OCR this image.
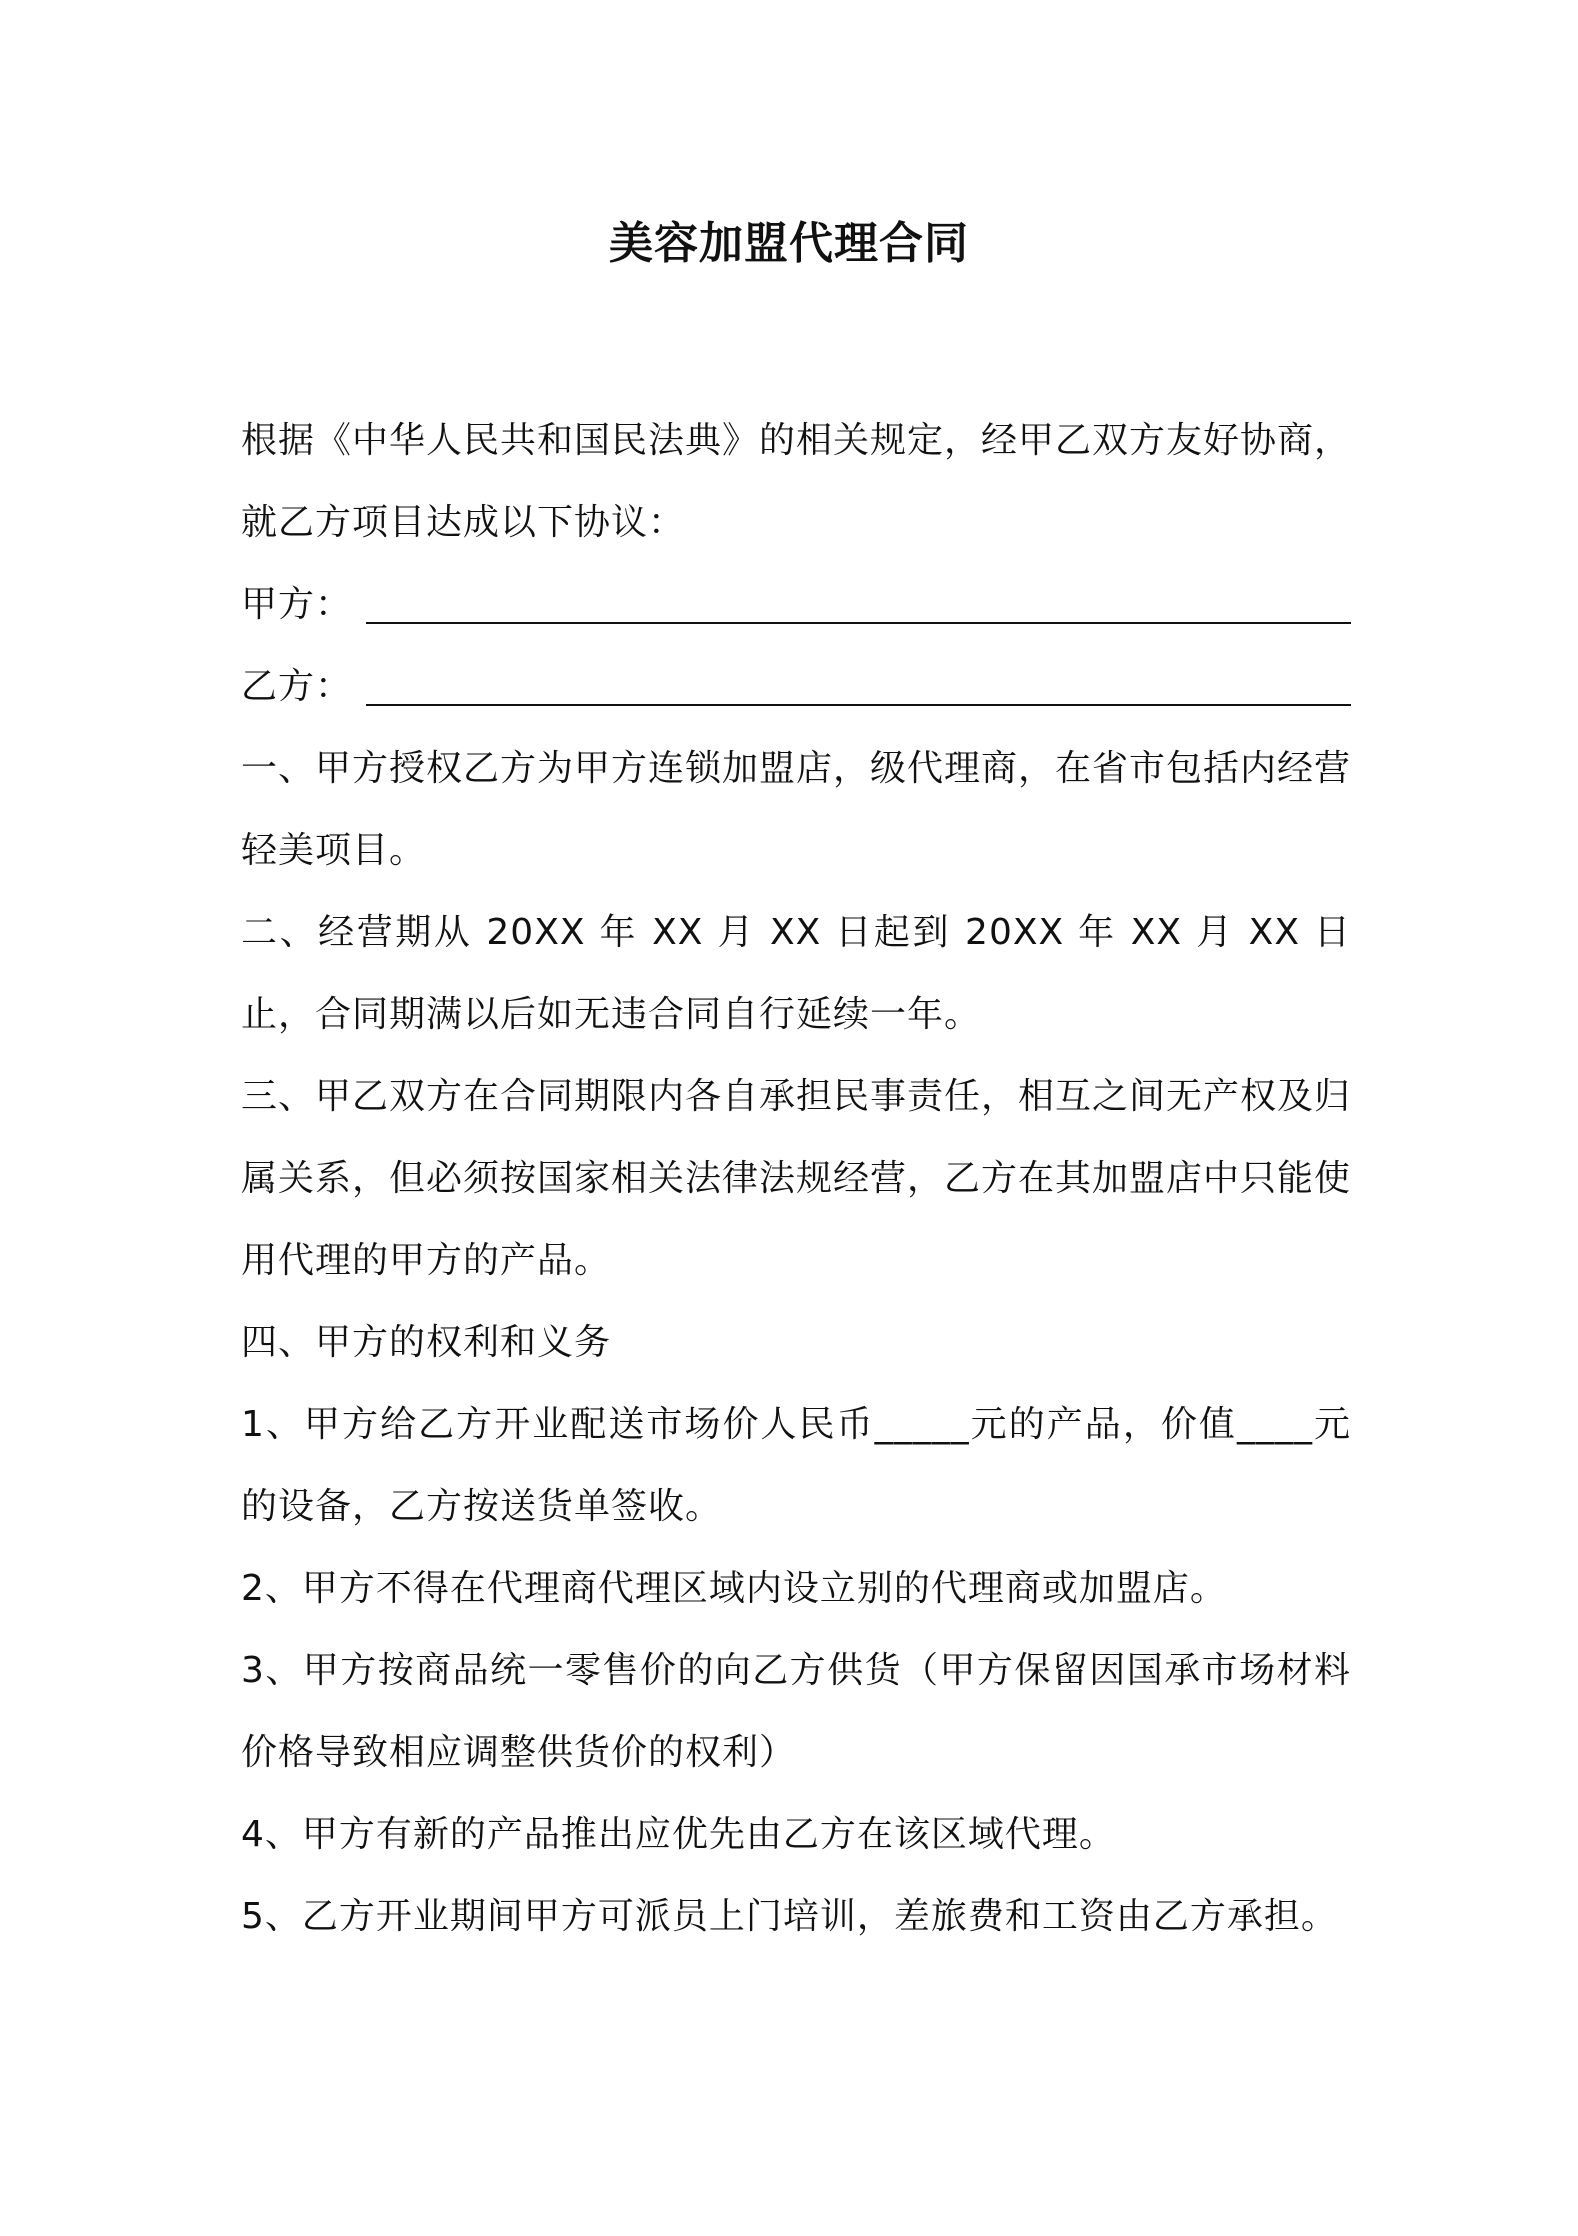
美容加盟代理合同

根据《中华人民共和国民法典》的相关规定，经甲乙双方友好协商，就乙方项目达成以下协议：

甲方：
乙方：

一、甲方授权乙方为甲方连锁加盟店，级代理商，在省市包括内经营轻美项目。

二、经营期从 20XX 年 XX 月 XX 日起到 20XX 年 XX 月 XX 日止，合同期满以后如无违合同自行延续一年。

三、甲乙双方在合同期限内各自承担民事责任，相互之间无产权及归属关系，但必须按国家相关法律法规经营，乙方在其加盟店中只能使用代理的甲方的产品。

四、甲方的权利和义务

1、甲方给乙方开业配送市场价人民币_____元的产品，价值____元的设备，乙方按送货单签收。

2、甲方不得在代理商代理区域内设立别的代理商或加盟店。

3、甲方按商品统一零售价的向乙方供货（甲方保留因国承市场材料价格导致相应调整供货价的权利）

4、甲方有新的产品推出应优先由乙方在该区域代理。

5、乙方开业期间甲方可派员上门培训，差旅费和工资由乙方承担。
